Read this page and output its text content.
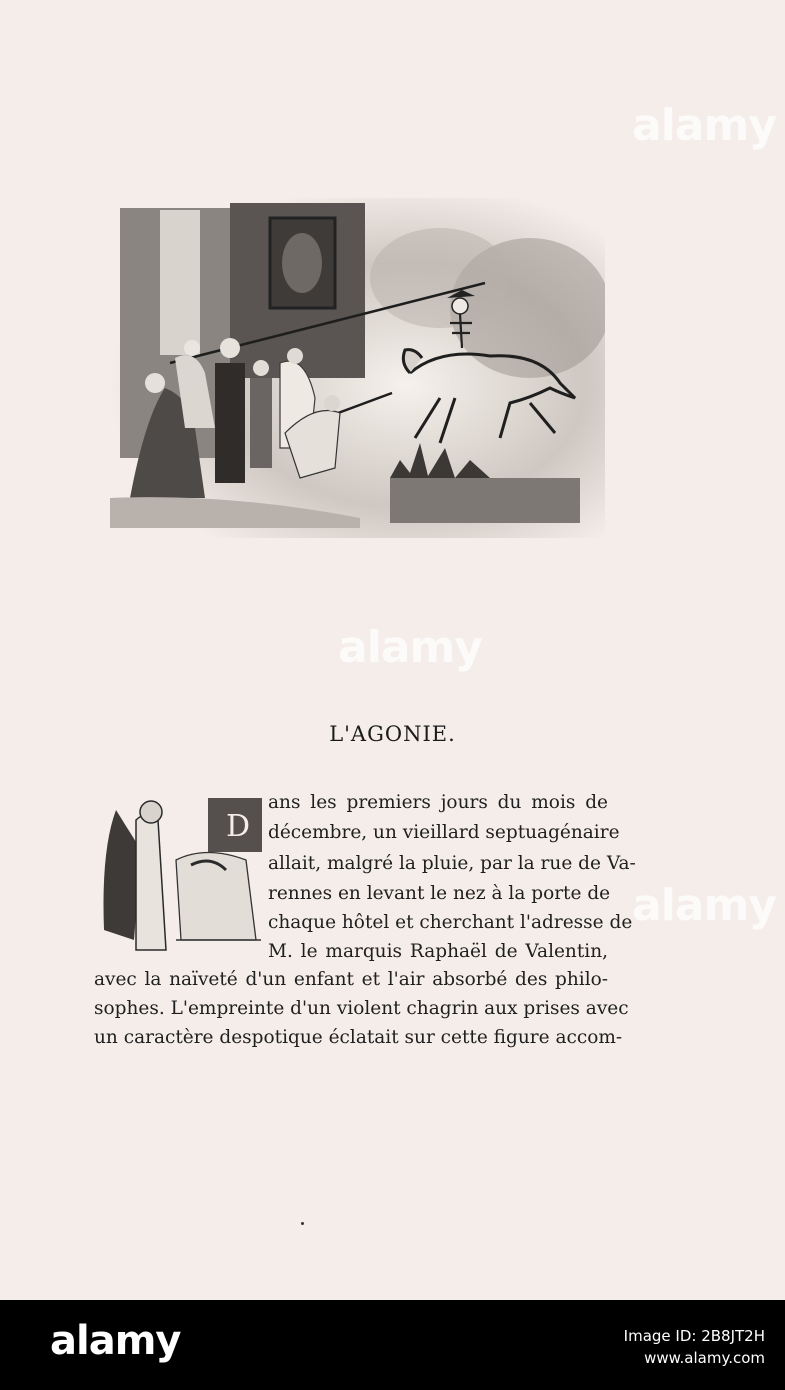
alamy
alamy
alamy
L'AGONIE.
D
ans les premiers jours du mois de
décembre, un vieillard septuagénaire
allait, malgré la pluie, par la rue de Va-
rennes en levant le nez à la porte de
chaque hôtel et cherchant l'adresse de
M. le marquis Raphaël de Valentin,
avec la naïveté d'un enfant et l'air absorbé des philo-
sophes. L'empreinte d'un violent chagrin aux prises avec
un caractère despotique éclatait sur cette figure accom-
alamy	Image ID: 2B8JT2H
www.alamy.com
